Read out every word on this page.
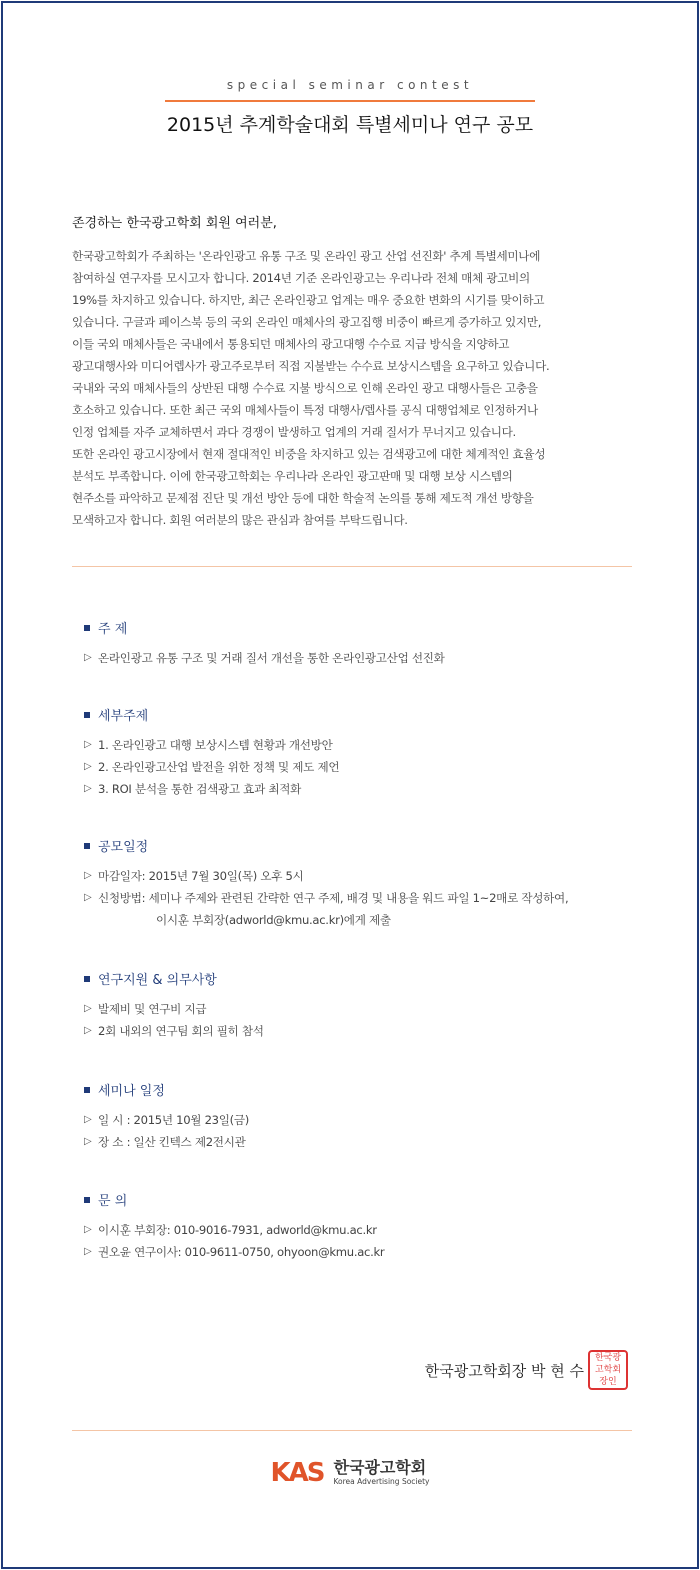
special seminar contest

2015년 추계학술대회 특별세미나 연구 공모

존경하는 한국광고학회 회원 여러분,

한국광고학회가 주최하는 '온라인광고 유통 구조 및 온라인 광고 산업 선진화' 추계 특별세미나에
참여하실 연구자를 모시고자 합니다. 2014년 기준 온라인광고는 우리나라 전체 매체 광고비의
19%를 차지하고 있습니다. 하지만, 최근 온라인광고 업계는 매우 중요한 변화의 시기를 맞이하고
있습니다. 구글과 페이스북 등의 국외 온라인 매체사의 광고집행 비중이 빠르게 증가하고 있지만,
이들 국외 매체사들은 국내에서 통용되던 매체사의 광고대행 수수료 지급 방식을 지양하고
광고대행사와 미디어렙사가 광고주로부터 직접 지불받는 수수료 보상시스템을 요구하고 있습니다.
국내와 국외 매체사들의 상반된 대행 수수료 지불 방식으로 인해 온라인 광고 대행사들은 고충을
호소하고 있습니다. 또한 최근 국외 매체사들이 특정 대행사/렙사를 공식 대행업체로 인정하거나
인정 업체를 자주 교체하면서 과다 경쟁이 발생하고 업계의 거래 질서가 무너지고 있습니다.
또한 온라인 광고시장에서 현재 절대적인 비중을 차지하고 있는 검색광고에 대한 체계적인 효율성
분석도 부족합니다. 이에 한국광고학회는 우리나라 온라인 광고판매 및 대행 보상 시스템의
현주소를 파악하고 문제점 진단 및 개선 방안 등에 대한 학술적 논의를 통해 제도적 개선 방향을
모색하고자 합니다. 회원 여러분의 많은 관심과 참여를 부탁드립니다.
주 제
▷ 온라인광고 유통 구조 및 거래 질서 개선을 통한 온라인광고산업 선진화
세부주제
▷ 1. 온라인광고 대행 보상시스템 현황과 개선방안
▷ 2. 온라인광고산업 발전을 위한 정책 및 제도 제언
▷ 3. ROI 분석을 통한 검색광고 효과 최적화
공모일정
▷ 마감일자: 2015년 7월 30일(목) 오후 5시
▷ 신청방법: 세미나 주제와 관련된 간략한 연구 주제, 배경 및 내용을 워드 파일 1~2매로 작성하여,
이시훈 부회장(adworld@kmu.ac.kr)에게 제출
연구지원 & 의무사항
▷ 발제비 및 연구비 지급
▷ 2회 내외의 연구팀 회의 필히 참석
세미나 일정
▷ 일 시 : 2015년 10월 23일(금)
▷ 장 소 : 일산 킨텍스 제2전시관
문 의
▷ 이시훈 부회장: 010-9016-7931, adworld@kmu.ac.kr
▷ 권오윤 연구이사: 010-9611-0750, ohyoon@kmu.ac.kr
한국광고학회장 박 현 수
한국광고학회장인
KAS 한국광고학회
Korea Advertising Society
